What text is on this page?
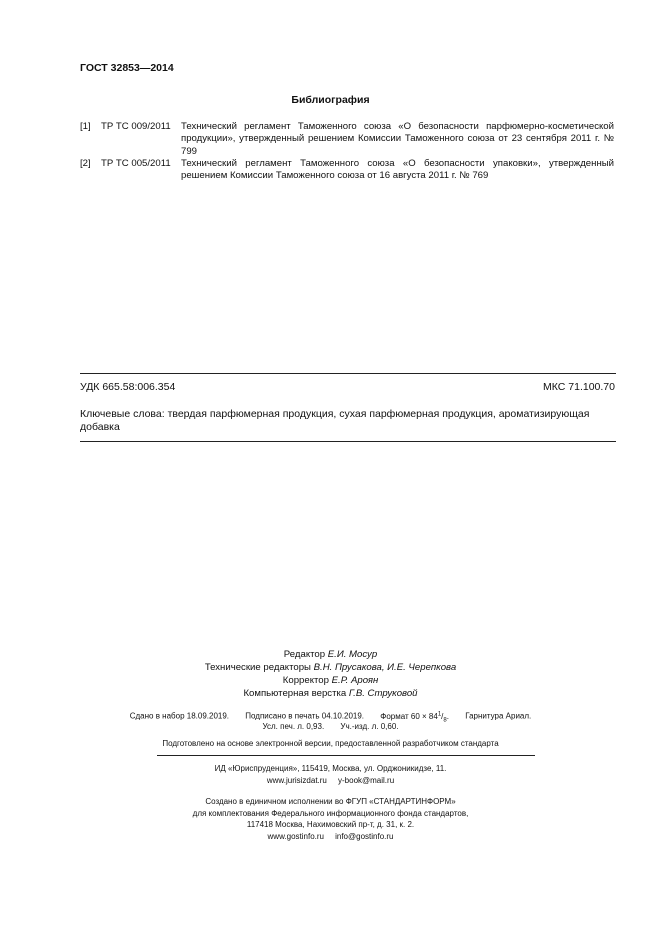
ГОСТ 32853—2014
Библиография
[1] ТР ТС 009/2011 Технический регламент Таможенного союза «О безопасности парфюмерно-косметической продукции», утвержденный решением Комиссии Таможенного союза от 23 сентября 2011 г. № 799
[2] ТР ТС 005/2011 Технический регламент Таможенного союза «О безопасности упаковки», утвержденный решением Комиссии Таможенного союза от 16 августа 2011 г. № 769
УДК 665.58:006.354	МКС 71.100.70
Ключевые слова: твердая парфюмерная продукция, сухая парфюмерная продукция, ароматизирующая добавка
Редактор Е.И. Мосур
Технические редакторы В.Н. Прусакова, И.Е. Черепкова
Корректор Е.Р. Ароян
Компьютерная верстка Г.В. Струковой
Сдано в набор 18.09.2019. Подписано в печать 04.10.2019. Формат $60 \times 84^1/_8$. Гарнитура Ариал.
Усл. печ. л. 0,93. Уч.-изд. л. 0,60.
Подготовлено на основе электронной версии, предоставленной разработчиком стандарта
ИД «Юриспруденция», 115419, Москва, ул. Орджоникидзе, 11.
www.jurisizdat.ru y-book@mail.ru
Создано в единичном исполнении во ФГУП «СТАНДАРТИНФОРМ»
для комплектования Федерального информационного фонда стандартов,
117418 Москва, Нахимовский пр-т, д. 31, к. 2.
www.gostinfo.ru info@gostinfo.ru
